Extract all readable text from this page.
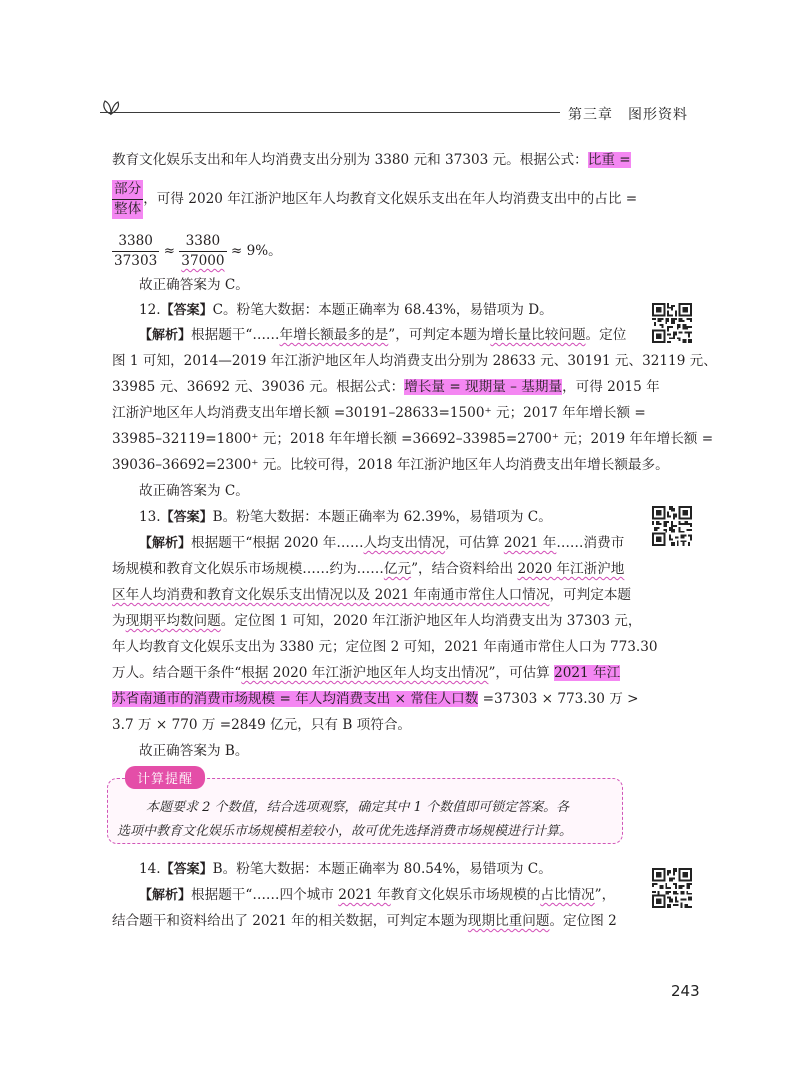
第三章　图形资料
教育文化娱乐支出和年人均消费支出分别为 3380 元和 37303 元。根据公式：比重 =
$\frac{\text{部分}}{\text{整体}}$ ，可得 2020 年江浙沪地区年人均教育文化娱乐支出在年人均消费支出中的占比 =
$\frac{3380}{37303} \approx \frac{3380}{37000} \approx 9\%$。
故正确答案为 C。
12.【答案】C。粉笔大数据：本题正确率为 68.43%，易错项为 D。
【解析】根据题干“……年增长额最多的是”，可判定本题为增长量比较问题。定位
图 1 可知，2014—2019 年江浙沪地区年人均消费支出分别为 28633 元、30191 元、32119 元、
33985 元、36692 元、39036 元。根据公式：增长量 = 现期量 – 基期量，可得 2015 年
江浙沪地区年人均消费支出年增长额 =30191–28633=1500⁺ 元；2017 年年增长额 =
33985–32119=1800⁺ 元；2018 年年增长额 =36692–33985=2700⁺ 元；2019 年年增长额 =
39036–36692=2300⁺ 元。比较可得，2018 年江浙沪地区年人均消费支出年增长额最多。
故正确答案为 C。
13.【答案】B。粉笔大数据：本题正确率为 62.39%，易错项为 C。
【解析】根据题干“根据 2020 年……人均支出情况，可估算 2021 年……消费市
场规模和教育文化娱乐市场规模……约为……亿元”，结合资料给出 2020 年江浙沪地
区年人均消费和教育文化娱乐支出情况以及 2021 年南通市常住人口情况，可判定本题
为现期平均数问题。定位图 1 可知，2020 年江浙沪地区年人均消费支出为 37303 元，
年人均教育文化娱乐支出为 3380 元；定位图 2 可知，2021 年南通市常住人口为 773.30
万人。结合题干条件“根据 2020 年江浙沪地区年人均支出情况”，可估算 2021 年江
苏省南通市的消费市场规模 = 年人均消费支出 × 常住人口数 =37303 × 773.30 万 >
3.7 万 × 770 万 =2849 亿元，只有 B 项符合。
故正确答案为 B。
计算提醒
本题要求 2 个数值，结合选项观察，确定其中 1 个数值即可锁定答案。各
选项中教育文化娱乐市场规模相差较小，故可优先选择消费市场规模进行计算。
14.【答案】B。粉笔大数据：本题正确率为 80.54%，易错项为 C。
【解析】根据题干“……四个城市 2021 年教育文化娱乐市场规模的占比情况”，
结合题干和资料给出了 2021 年的相关数据，可判定本题为现期比重问题。定位图 2
243
